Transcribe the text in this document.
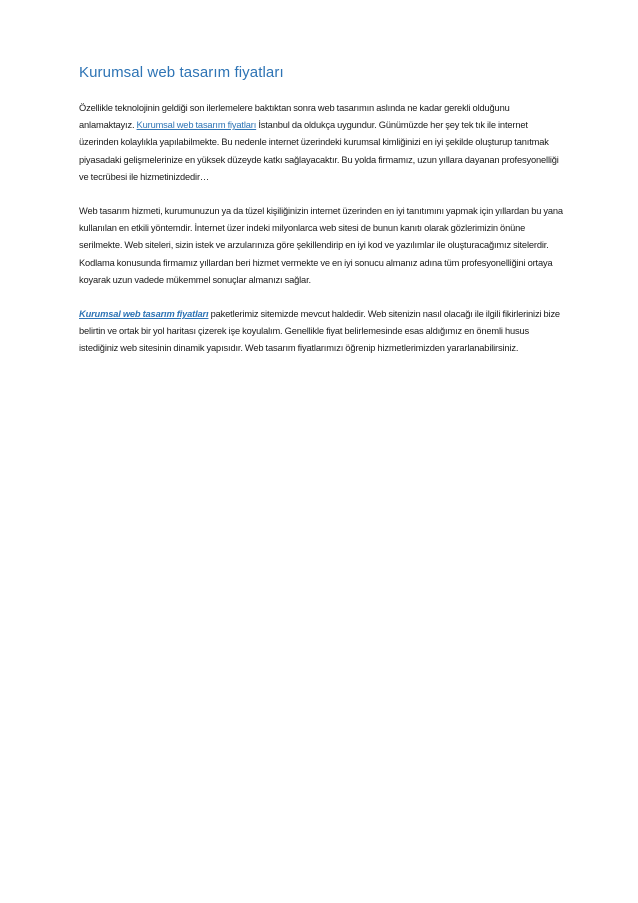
Kurumsal web tasarım fiyatları

Özellikle teknolojinin geldiği son ilerlemelere baktıktan sonra web tasarımın aslında ne kadar gerekli olduğunu anlamaktayız. Kurumsal web tasarım fiyatları İstanbul da oldukça uygundur. Günümüzde her şey tek tık ile internet üzerinden kolaylıkla yapılabilmekte. Bu nedenle internet üzerindeki kurumsal kimliğinizi en iyi şekilde oluşturup tanıtmak piyasadaki gelişmelerinize en yüksek düzeyde katkı sağlayacaktır. Bu yolda firmamız, uzun yıllara dayanan profesyonelliği ve tecrübesi ile hizmetinizdedir…

Web tasarım hizmeti, kurumunuzun ya da tüzel kişiliğinizin internet üzerinden en iyi tanıtımını yapmak için yıllardan bu yana kullanılan en etkili yöntemdir. İnternet üzer indeki milyonlarca web sitesi de bunun kanıtı olarak gözlerimizin önüne serilmekte. Web siteleri, sizin istek ve arzularınıza göre şekillendirip en iyi kod ve yazılımlar ile oluşturacağımız sitelerdir. Kodlama konusunda firmamız yıllardan beri hizmet vermekte ve en iyi sonucu almanız adına tüm profesyonelliğini ortaya koyarak uzun vadede mükemmel sonuçlar almanızı sağlar.

Kurumsal web tasarım fiyatları paketlerimiz sitemizde mevcut haldedir. Web sitenizin nasıl olacağı ile ilgili fikirlerinizi bize belirtin ve ortak bir yol haritası çizerek işe koyulalım. Genellikle fiyat belirlemesinde esas aldığımız en önemli husus istediğiniz web sitesinin dinamik yapısıdır. Web tasarım fiyatlarımızı öğrenip hizmetlerimizden yararlanabilirsiniz.
